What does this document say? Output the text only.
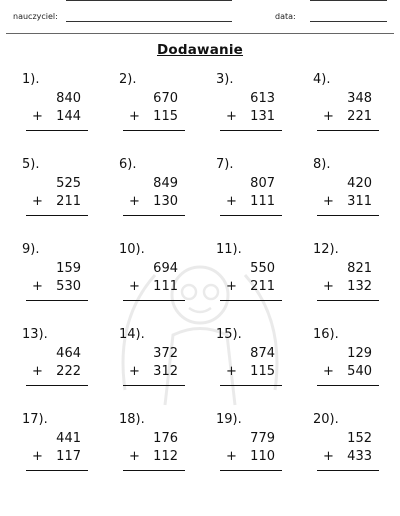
nauczyciel:	data:
Dodawanie
1).
840
+ 144
2).
670
+ 115
3).
613
+ 131
4).
348
+ 221
5).
525
+ 211
6).
849
+ 130
7).
807
+ 111
8).
420
+ 311
9).
159
+ 530
10).
694
+ 111
11).
550
+ 211
12).
821
+ 132
13).
464
+ 222
14).
372
+ 312
15).
874
+ 115
16).
129
+ 540
17).
441
+ 117
18).
176
+ 112
19).
779
+ 110
20).
152
+ 433
